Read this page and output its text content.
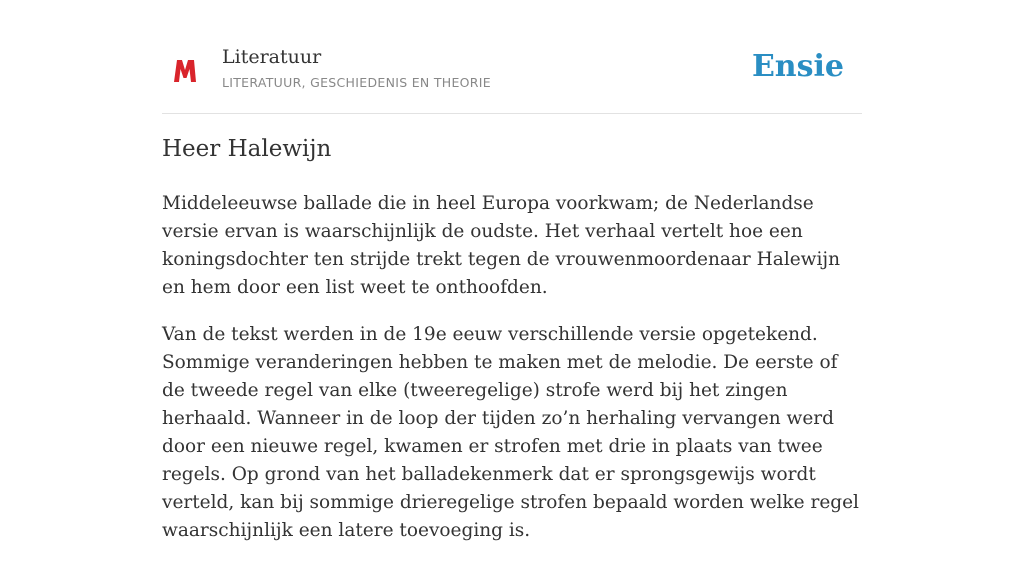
Literatuur
LITERATUUR, GESCHIEDENIS EN THEORIE	Ensie
Heer Halewijn

Middeleeuwse ballade die in heel Europa voorkwam; de Nederlandse versie ervan is waarschijnlijk de oudste. Het verhaal vertelt hoe een koningsdochter ten strijde trekt tegen de vrouwenmoordenaar Halewijn en hem door een list weet te onthoofden.

Van de tekst werden in de 19e eeuw verschillende versie opgetekend. Sommige veranderingen hebben te maken met de melodie. De eerste of de tweede regel van elke (tweeregelige) strofe werd bij het zingen herhaald. Wanneer in de loop der tijden zo’n herhaling vervangen werd door een nieuwe regel, kwamen er strofen met drie in plaats van twee regels. Op grond van het balladekenmerk dat er sprongsgewijs wordt verteld, kan bij sommige drieregelige strofen bepaald worden welke regel waarschijnlijk een latere toevoeging is.
